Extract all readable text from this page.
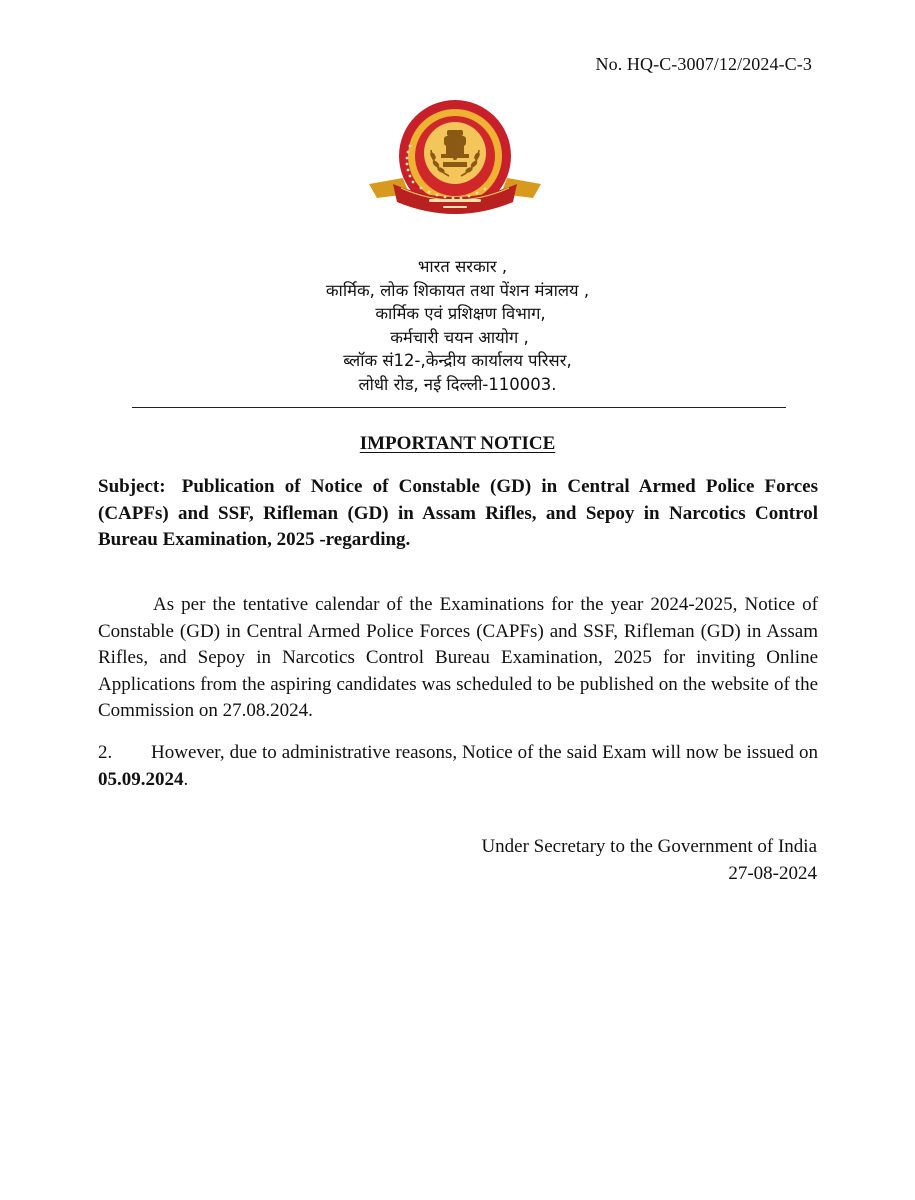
No. HQ-C-3007/12/2024-C-3
भारत सरकार ,
कार्मिक, लोक शिकायत तथा पेंशन मंत्रालय ,
कार्मिक एवं प्रशिक्षण विभाग,
कर्मचारी चयन आयोग ,
ब्लॉक सं12-,केन्द्रीय कार्यालय परिसर,
लोधी रोड, नई दिल्ली-110003.
IMPORTANT NOTICE
Subject: Publication of Notice of Constable (GD) in Central Armed Police Forces (CAPFs) and SSF, Rifleman (GD) in Assam Rifles, and Sepoy in Narcotics Control Bureau Examination, 2025 -regarding.
As per the tentative calendar of the Examinations for the year 2024-2025, Notice of Constable (GD) in Central Armed Police Forces (CAPFs) and SSF, Rifleman (GD) in Assam Rifles, and Sepoy in Narcotics Control Bureau Examination, 2025 for inviting Online Applications from the aspiring candidates was scheduled to be published on the website of the Commission on 27.08.2024.
2. However, due to administrative reasons, Notice of the said Exam will now be issued on 05.09.2024.
Under Secretary to the Government of India
27-08-2024
